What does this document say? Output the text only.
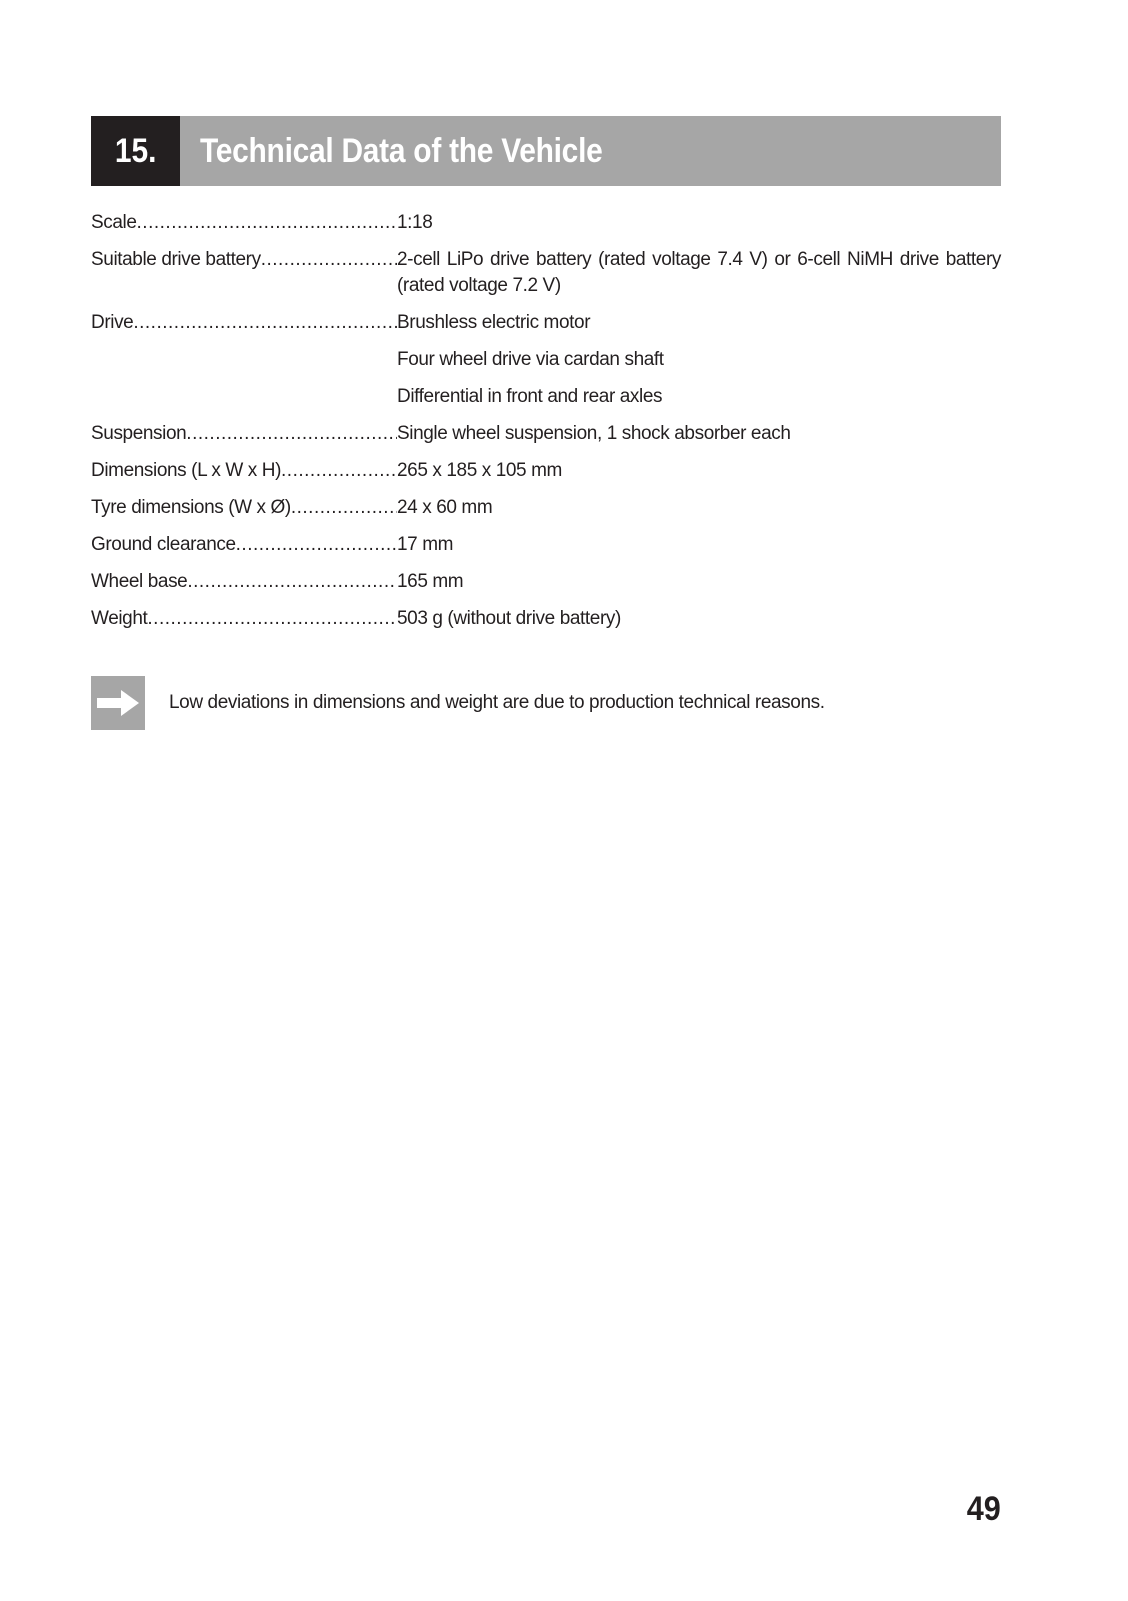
15. Technical Data of the Vehicle
Scale .....	1:18
Suitable drive battery .....	2-cell LiPo drive battery (rated voltage 7.4 V) or 6-cell NiMH drive battery (rated voltage 7.2 V)
Drive .....	Brushless electric motor
Four wheel drive via cardan shaft
Differential in front and rear axles
Suspension .....	Single wheel suspension, 1 shock absorber each
Dimensions (L x W x H) .....	265 x 185 x 105 mm
Tyre dimensions (W x Ø) .....	24 x 60 mm
Ground clearance .....	17 mm
Wheel base .....	165 mm
Weight .....	503 g (without drive battery)
Low deviations in dimensions and weight are due to production technical reasons.
49
